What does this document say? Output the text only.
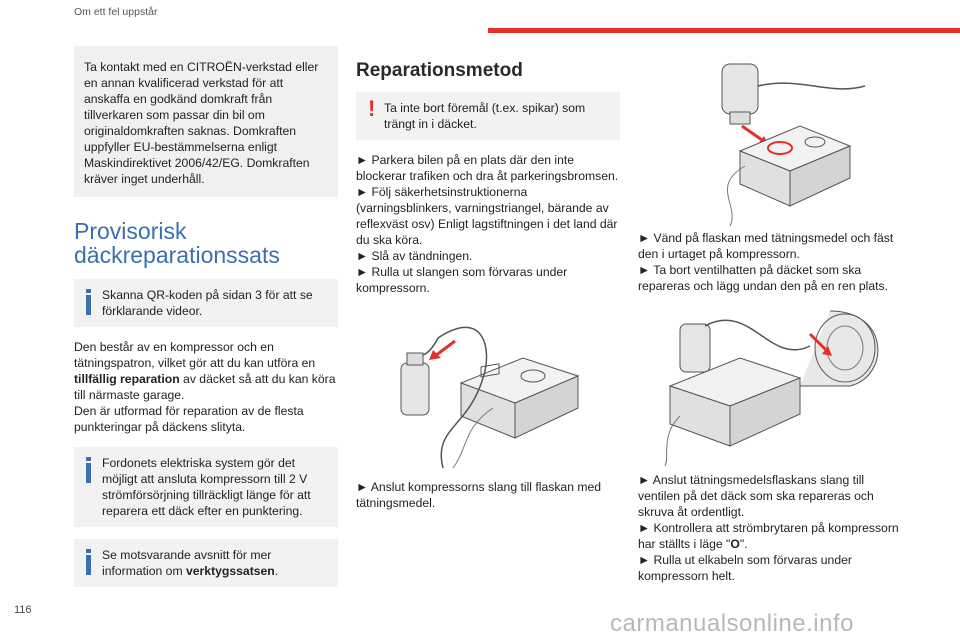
Om ett fel uppstår
Ta kontakt med en CITROËN-verkstad eller en annan kvalificerad verkstad för att anskaffa en godkänd domkraft från tillverkaren som passar din bil om originaldomkraften saknas. Domkraften uppfyller EU-bestämmelserna enligt Maskindirektivet 2006/42/EG. Domkraften kräver inget underhåll.
Provisorisk
däckreparationssats
Skanna QR-koden på sidan 3 för att se förklarande videor.
Den består av en kompressor och en tätningspatron, vilket gör att du kan utföra en tillfällig reparation av däcket så att du kan köra till närmaste garage.
Den är utformad för reparation av de flesta punkteringar på däckens slityta.
Fordonets elektriska system gör det möjligt att ansluta kompressorn till 2 V strömförsörjning tillräckligt länge för att reparera ett däck efter en punktering.
Se motsvarande avsnitt för mer information om verktygssatsen.
Reparationsmetod
! Ta inte bort föremål (t.ex. spikar) som trängt in i däcket.
► Parkera bilen på en plats där den inte blockerar trafiken och dra åt parkeringsbromsen.
► Följ säkerhetsinstruktionerna (varningsblinkers, varningstriangel, bärande av reflexväst osv) Enligt lagstiftningen i det land där du ska köra.
► Slå av tändningen.
► Rulla ut slangen som förvaras under kompressorn.
► Anslut kompressorns slang till flaskan med tätningsmedel.
► Vänd på flaskan med tätningsmedel och fäst den i urtaget på kompressorn.
► Ta bort ventilhatten på däcket som ska repareras och lägg undan den på en ren plats.
► Anslut tätningsmedelsflaskans slang till ventilen på det däck som ska repareras och skruva åt ordentligt.
► Kontrollera att strömbrytaren på kompressorn har ställts i läge "O".
► Rulla ut elkabeln som förvaras under kompressorn helt.
116	carmanualsonline.info
